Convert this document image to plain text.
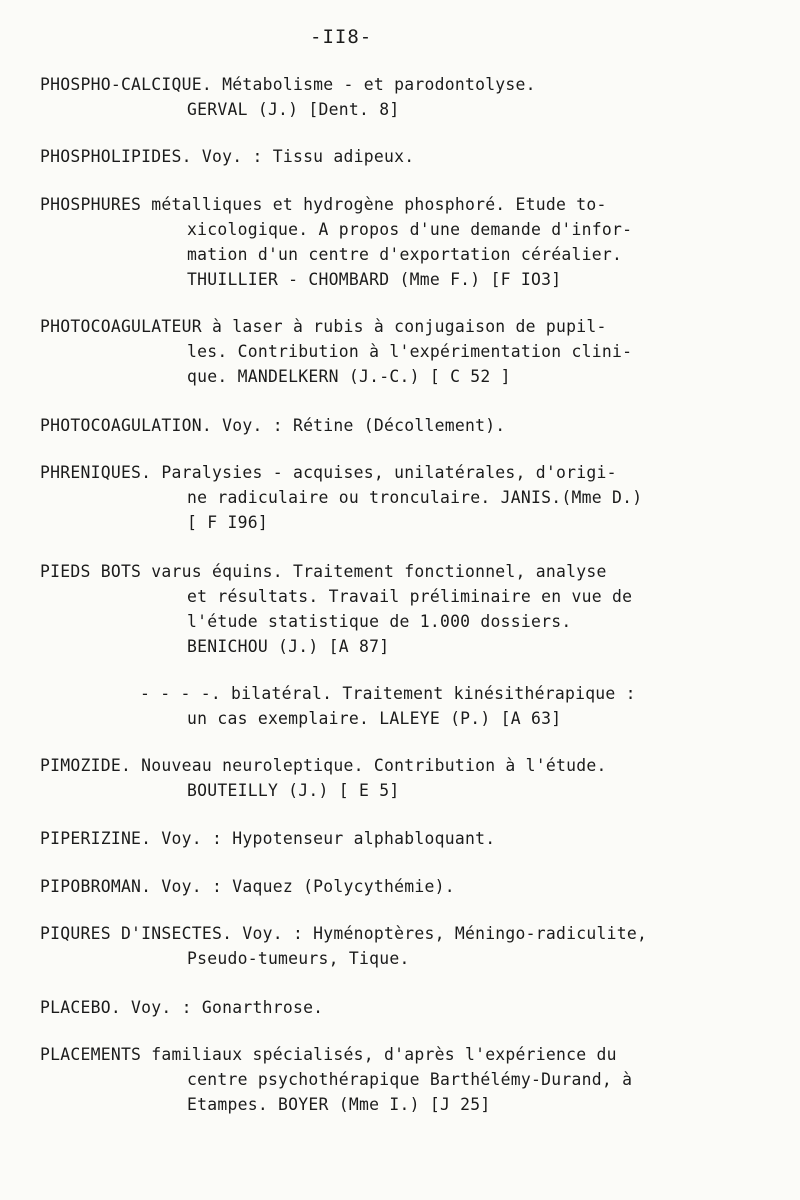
-II8-
PHOSPHO-CALCIQUE. Métabolisme - et parodontolyse.
GERVAL (J.) [Dent. 8]
PHOSPHOLIPIDES. Voy. : Tissu adipeux.
PHOSPHURES métalliques et hydrogène phosphoré. Etude to-
xicologique. A propos d'une demande d'infor-
mation d'un centre d'exportation céréalier.
THUILLIER - CHOMBARD (Mme F.) [F IO3]
PHOTOCOAGULATEUR à laser à rubis à conjugaison de pupil-
les. Contribution à l'expérimentation clini-
que. MANDELKERN (J.-C.) [ C 52 ]
PHOTOCOAGULATION. Voy. : Rétine (Décollement).
PHRENIQUES. Paralysies - acquises, unilatérales, d'origi-
ne radiculaire ou tronculaire. JANIS.(Mme D.)
[ F I96]
PIEDS BOTS varus équins. Traitement fonctionnel, analyse
et résultats. Travail préliminaire en vue de
l'étude statistique de 1.000 dossiers.
BENICHOU (J.) [A 87]
- - - -. bilatéral. Traitement kinésithérapique :
un cas exemplaire. LALEYE (P.) [A 63]
PIMOZIDE. Nouveau neuroleptique. Contribution à l'étude.
BOUTEILLY (J.) [ E 5]
PIPERIZINE. Voy. : Hypotenseur alphabloquant.
PIPOBROMAN. Voy. : Vaquez (Polycythémie).
PIQURES D'INSECTES. Voy. : Hyménoptères, Méningo-radiculite,
Pseudo-tumeurs, Tique.
PLACEBO. Voy. : Gonarthrose.
PLACEMENTS familiaux spécialisés, d'après l'expérience du
centre psychothérapique Barthélémy-Durand, à
Etampes. BOYER (Mme I.) [J 25]
